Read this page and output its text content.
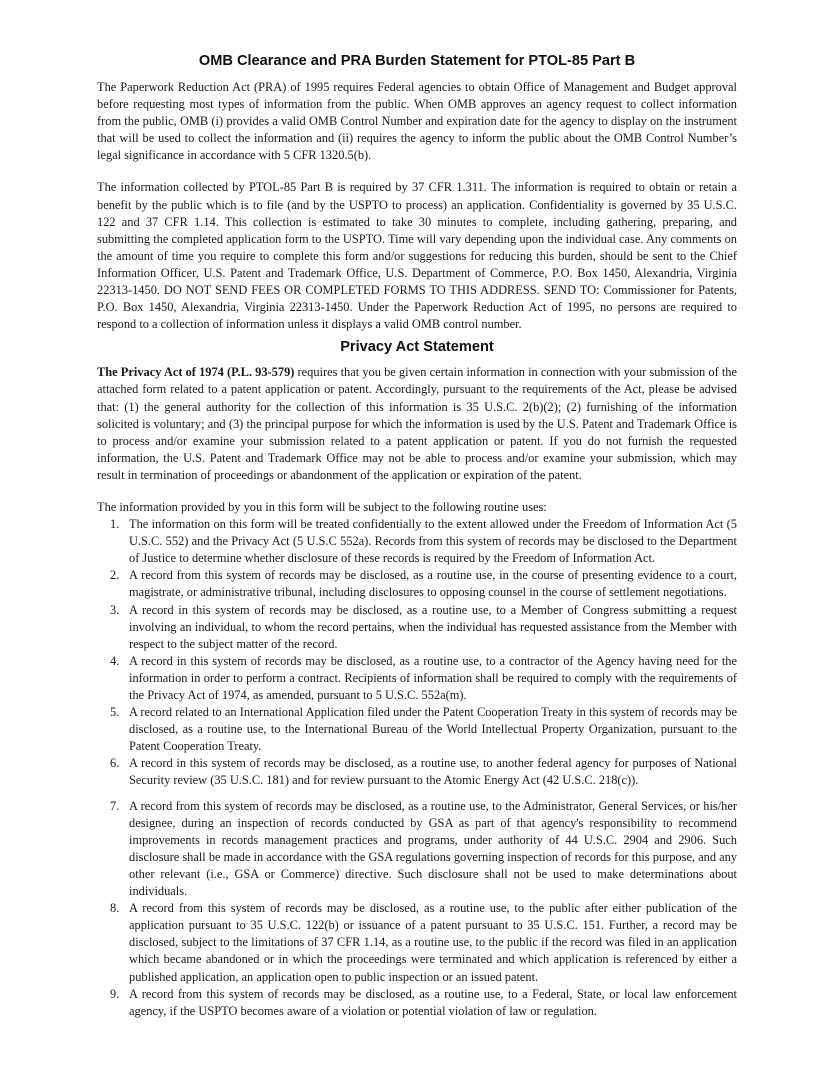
OMB Clearance and PRA Burden Statement for PTOL-85 Part B

The Paperwork Reduction Act (PRA) of 1995 requires Federal agencies to obtain Office of Management and Budget approval before requesting most types of information from the public. When OMB approves an agency request to collect information from the public, OMB (i) provides a valid OMB Control Number and expiration date for the agency to display on the instrument that will be used to collect the information and (ii) requires the agency to inform the public about the OMB Control Number’s legal significance in accordance with 5 CFR 1320.5(b).

The information collected by PTOL-85 Part B is required by 37 CFR 1.311. The information is required to obtain or retain a benefit by the public which is to file (and by the USPTO to process) an application. Confidentiality is governed by 35 U.S.C. 122 and 37 CFR 1.14. This collection is estimated to take 30 minutes to complete, including gathering, preparing, and submitting the completed application form to the USPTO. Time will vary depending upon the individual case. Any comments on the amount of time you require to complete this form and/or suggestions for reducing this burden, should be sent to the Chief Information Officer, U.S. Patent and Trademark Office, U.S. Department of Commerce, P.O. Box 1450, Alexandria, Virginia 22313-1450. DO NOT SEND FEES OR COMPLETED FORMS TO THIS ADDRESS. SEND TO: Commissioner for Patents, P.O. Box 1450, Alexandria, Virginia 22313-1450. Under the Paperwork Reduction Act of 1995, no persons are required to respond to a collection of information unless it displays a valid OMB control number.

Privacy Act Statement

The Privacy Act of 1974 (P.L. 93-579) requires that you be given certain information in connection with your submission of the attached form related to a patent application or patent. Accordingly, pursuant to the requirements of the Act, please be advised that: (1) the general authority for the collection of this information is 35 U.S.C. 2(b)(2); (2) furnishing of the information solicited is voluntary; and (3) the principal purpose for which the information is used by the U.S. Patent and Trademark Office is to process and/or examine your submission related to a patent application or patent. If you do not furnish the requested information, the U.S. Patent and Trademark Office may not be able to process and/or examine your submission, which may result in termination of proceedings or abandonment of the application or expiration of the patent.

The information provided by you in this form will be subject to the following routine uses:

1. The information on this form will be treated confidentially to the extent allowed under the Freedom of Information Act (5 U.S.C. 552) and the Privacy Act (5 U.S.C 552a). Records from this system of records may be disclosed to the Department of Justice to determine whether disclosure of these records is required by the Freedom of Information Act.
2. A record from this system of records may be disclosed, as a routine use, in the course of presenting evidence to a court, magistrate, or administrative tribunal, including disclosures to opposing counsel in the course of settlement negotiations.
3. A record in this system of records may be disclosed, as a routine use, to a Member of Congress submitting a request involving an individual, to whom the record pertains, when the individual has requested assistance from the Member with respect to the subject matter of the record.
4. A record in this system of records may be disclosed, as a routine use, to a contractor of the Agency having need for the information in order to perform a contract. Recipients of information shall be required to comply with the requirements of the Privacy Act of 1974, as amended, pursuant to 5 U.S.C. 552a(m).
5. A record related to an International Application filed under the Patent Cooperation Treaty in this system of records may be disclosed, as a routine use, to the International Bureau of the World Intellectual Property Organization, pursuant to the Patent Cooperation Treaty.
6. A record in this system of records may be disclosed, as a routine use, to another federal agency for purposes of National Security review (35 U.S.C. 181) and for review pursuant to the Atomic Energy Act (42 U.S.C. 218(c)).
7. A record from this system of records may be disclosed, as a routine use, to the Administrator, General Services, or his/her designee, during an inspection of records conducted by GSA as part of that agency's responsibility to recommend improvements in records management practices and programs, under authority of 44 U.S.C. 2904 and 2906. Such disclosure shall be made in accordance with the GSA regulations governing inspection of records for this purpose, and any other relevant (i.e., GSA or Commerce) directive. Such disclosure shall not be used to make determinations about individuals.
8. A record from this system of records may be disclosed, as a routine use, to the public after either publication of the application pursuant to 35 U.S.C. 122(b) or issuance of a patent pursuant to 35 U.S.C. 151. Further, a record may be disclosed, subject to the limitations of 37 CFR 1.14, as a routine use, to the public if the record was filed in an application which became abandoned or in which the proceedings were terminated and which application is referenced by either a published application, an application open to public inspection or an issued patent.
9. A record from this system of records may be disclosed, as a routine use, to a Federal, State, or local law enforcement agency, if the USPTO becomes aware of a violation or potential violation of law or regulation.
